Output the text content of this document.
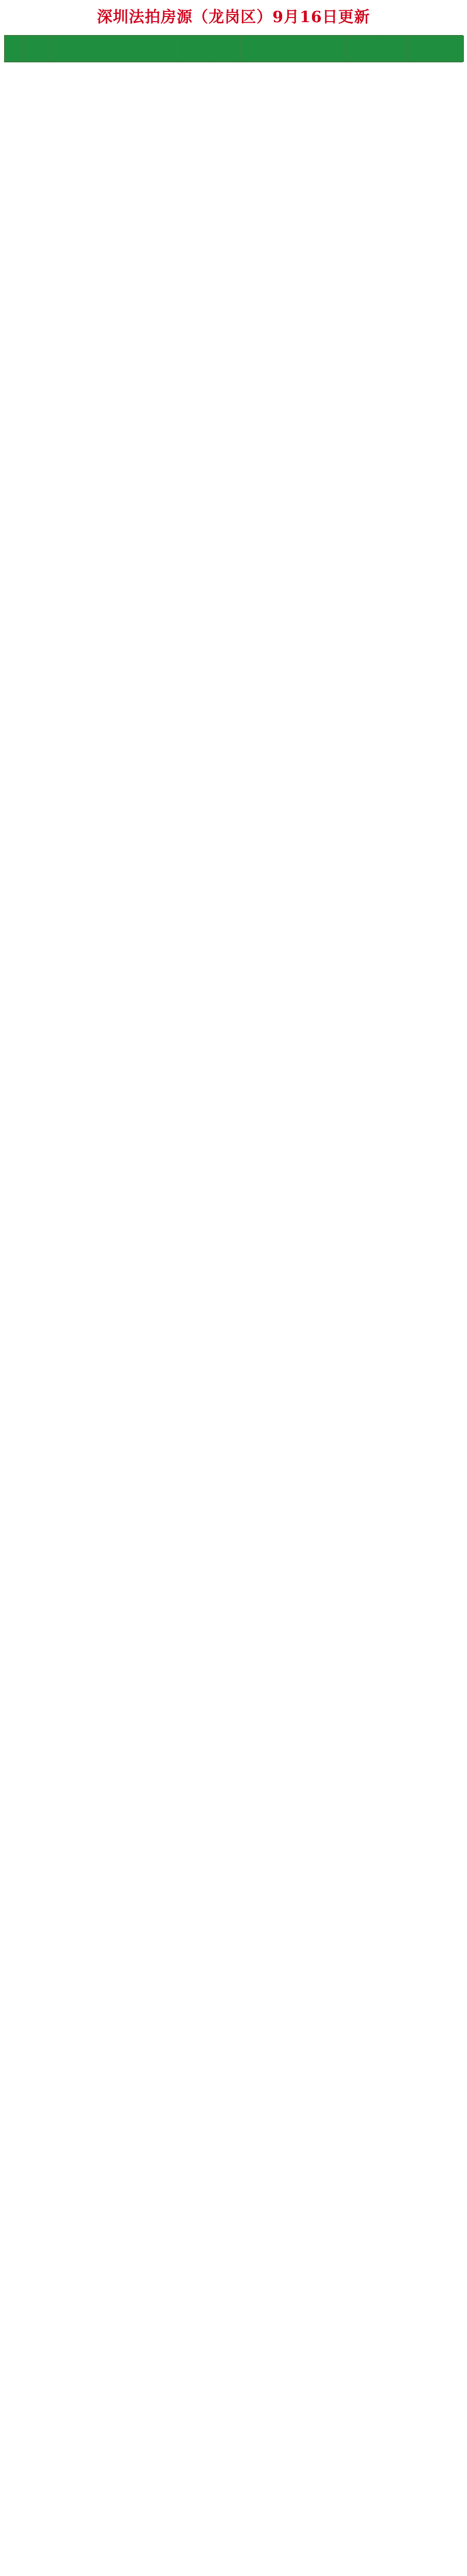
深圳法拍房源（龙岗区）9月16日更新
